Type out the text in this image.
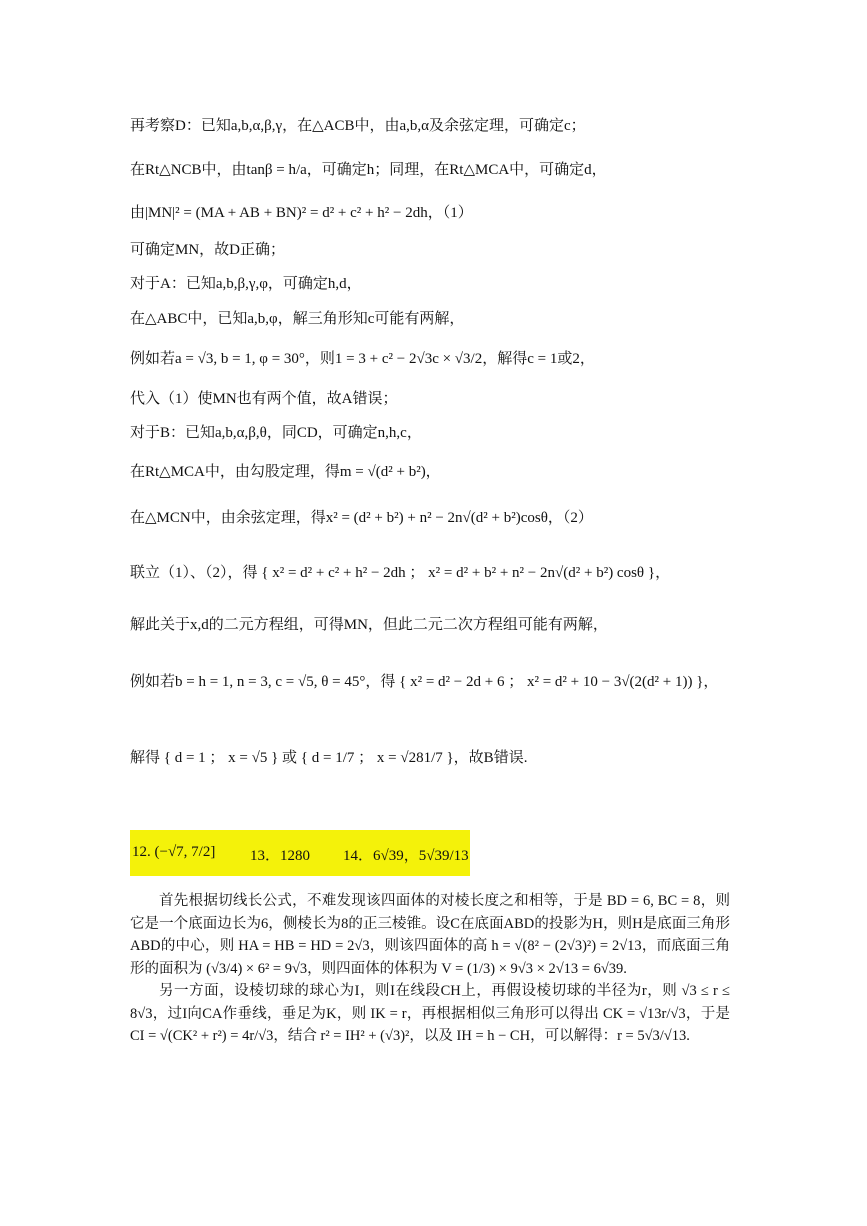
再考察D：已知a,b,α,β,γ，在△ACB中，由a,b,α及余弦定理，可确定c；
在Rt△NCB中，由tanβ = h/a，可确定h；同理，在Rt△MCA中，可确定d，
由|MN|² = (MA + AB + BN)² = d² + c² + h² − 2dh，（1）
可确定MN，故D正确；
对于A：已知a,b,β,γ,φ，可确定h,d，
在△ABC中，已知a,b,φ，解三角形知c可能有两解，
例如若a = √3, b = 1, φ = 30°，则1 = 3 + c² − 2√3c × √3/2，解得c = 1或2，
代入（1）使MN也有两个值，故A错误；
对于B：已知a,b,α,β,θ，同CD，可确定n,h,c，
在Rt△MCA中，由勾股定理，得m = √(d² + b²)，
在△MCN中，由余弦定理，得x² = (d² + b²) + n² − 2n√(d² + b²)cosθ，（2）
联立（1）、（2），得 { x² = d² + c² + h² − 2dh ； x² = d² + b² + n² − 2n√(d² + b²) cosθ }，
解此关于x,d的二元方程组，可得MN，但此二元二次方程组可能有两解，
例如若b = h = 1, n = 3, c = √5, θ = 45°，得 { x² = d² − 2d + 6 ； x² = d² + 10 − 3√(2(d² + 1)) }，
解得 { d = 1 ； x = √5 } 或 { d = 1/7 ； x = √281/7 }，故B错误.
12. (−√7, 7/2] 13．1280 14．6√39，5√39/13

首先根据切线长公式，不难发现该四面体的对棱长度之和相等，于是 BD = 6, BC = 8，则它是一个底面边长为6，侧棱长为8的正三棱锥。设C在底面ABD的投影为H，则H是底面三角形ABD的中心，则 HA = HB = HD = 2√3，则该四面体的高 h = √(8² − (2√3)²) = 2√13，而底面三角形的面积为 (√3/4) × 6² = 9√3，则四面体的体积为 V = (1/3) × 9√3 × 2√13 = 6√39.

另一方面，设棱切球的球心为I，则I在线段CH上，再假设棱切球的半径为r，则 √3 ≤ r ≤ 8√3，过I向CA作垂线，垂足为K，则 IK = r，再根据相似三角形可以得出 CK = √13r/√3，于是 CI = √(CK² + r²) = 4r/√3，结合 r² = IH² + (√3)²，以及 IH = h − CH，可以解得：r = 5√3/√13.
